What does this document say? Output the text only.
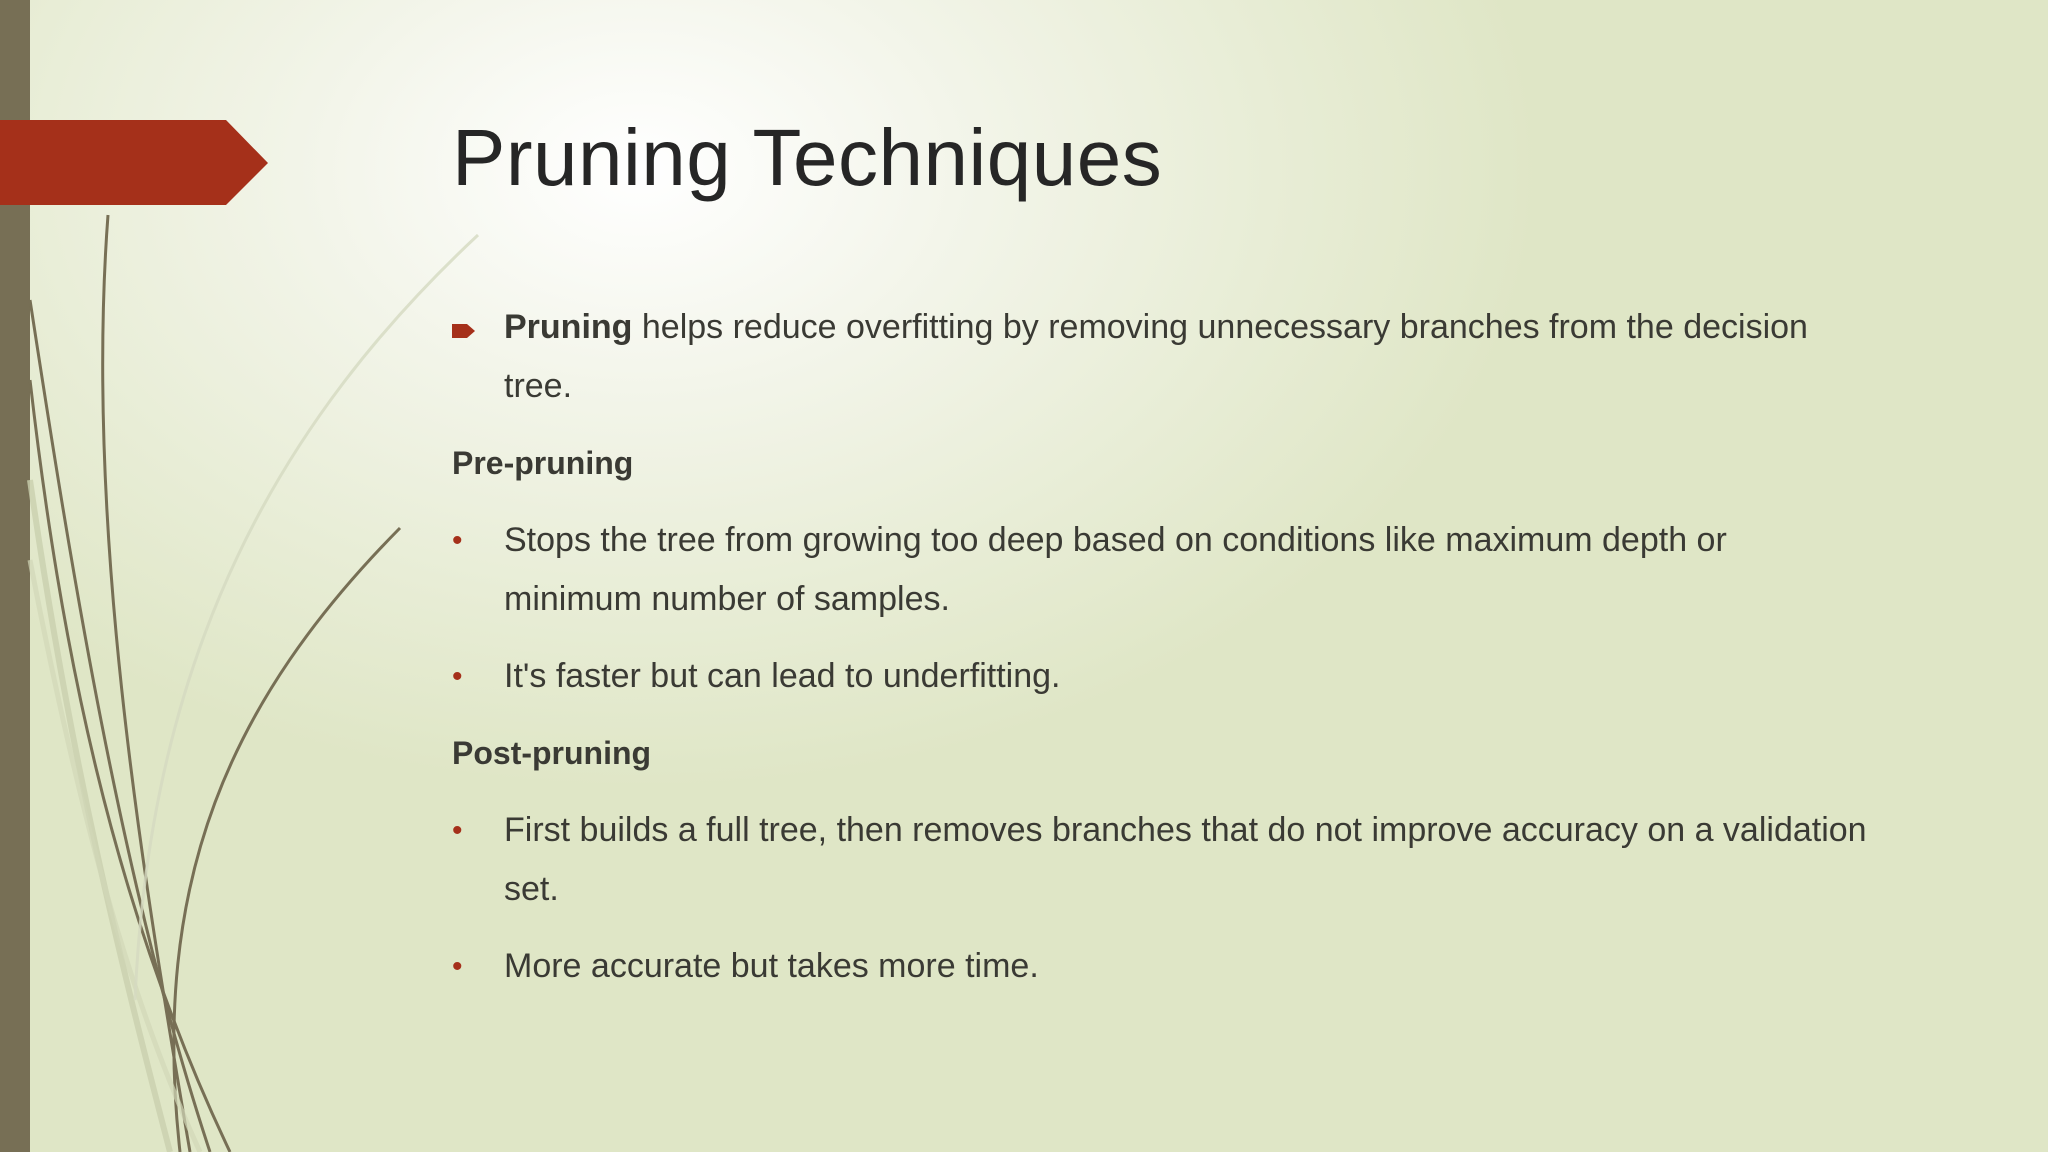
Pruning Techniques
Pruning helps reduce overfitting by removing unnecessary branches from the decision tree.
Pre-pruning
•	Stops the tree from growing too deep based on conditions like maximum depth or minimum number of samples.
•	It's faster but can lead to underfitting.
Post-pruning
•	First builds a full tree, then removes branches that do not improve accuracy on a validation set.
•	More accurate but takes more time.
